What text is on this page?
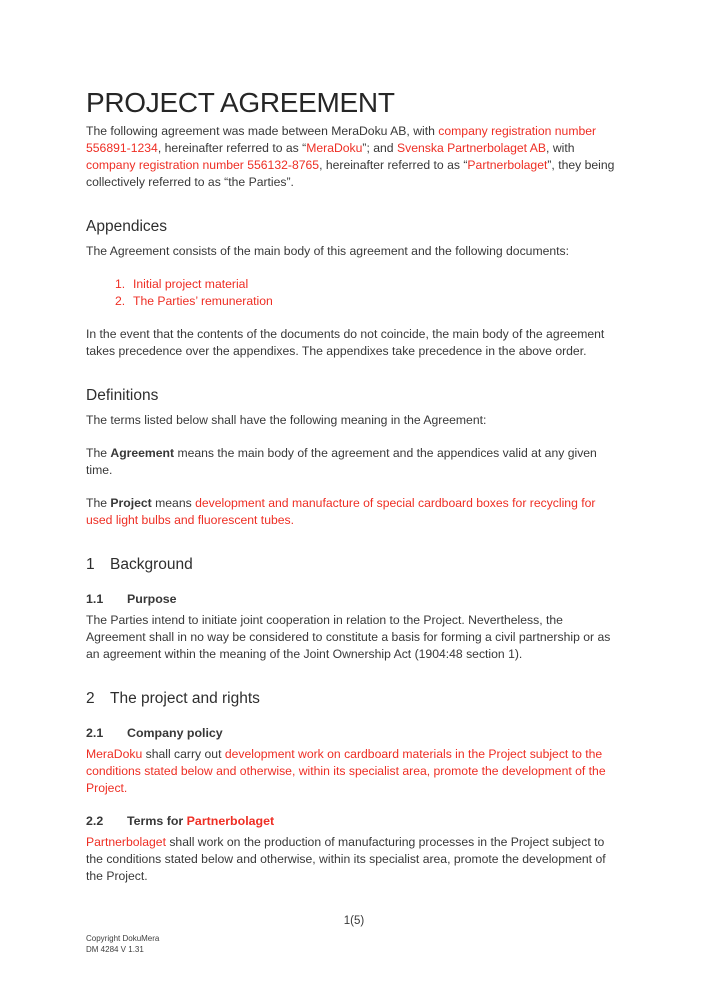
PROJECT AGREEMENT

The following agreement was made between MeraDoku AB, with company registration number 556891-1234, hereinafter referred to as “MeraDoku”; and Svenska Partnerbolaget AB, with company registration number 556132-8765, hereinafter referred to as “Partnerbolaget”, they being collectively referred to as “the Parties”.

Appendices

The Agreement consists of the main body of this agreement and the following documents:

1. Initial project material
2. The Parties’ remuneration

In the event that the contents of the documents do not coincide, the main body of the agreement takes precedence over the appendixes. The appendixes take precedence in the above order.

Definitions

The terms listed below shall have the following meaning in the Agreement:

The Agreement means the main body of the agreement and the appendices valid at any given time.

The Project means development and manufacture of special cardboard boxes for recycling for used light bulbs and fluorescent tubes.

1 Background
1.1 Purpose

The Parties intend to initiate joint cooperation in relation to the Project. Nevertheless, the Agreement shall in no way be considered to constitute a basis for forming a civil partnership or as an agreement within the meaning of the Joint Ownership Act (1904:48 section 1).

2 The project and rights
2.1 Company policy

MeraDoku shall carry out development work on cardboard materials in the Project subject to the conditions stated below and otherwise, within its specialist area, promote the development of the Project.

2.2 Terms for Partnerbolaget

Partnerbolaget shall work on the production of manufacturing processes in the Project subject to the conditions stated below and otherwise, within its specialist area, promote the development of the Project.

1(5)
Copyright DokuMera
DM 4284 V 1.31
